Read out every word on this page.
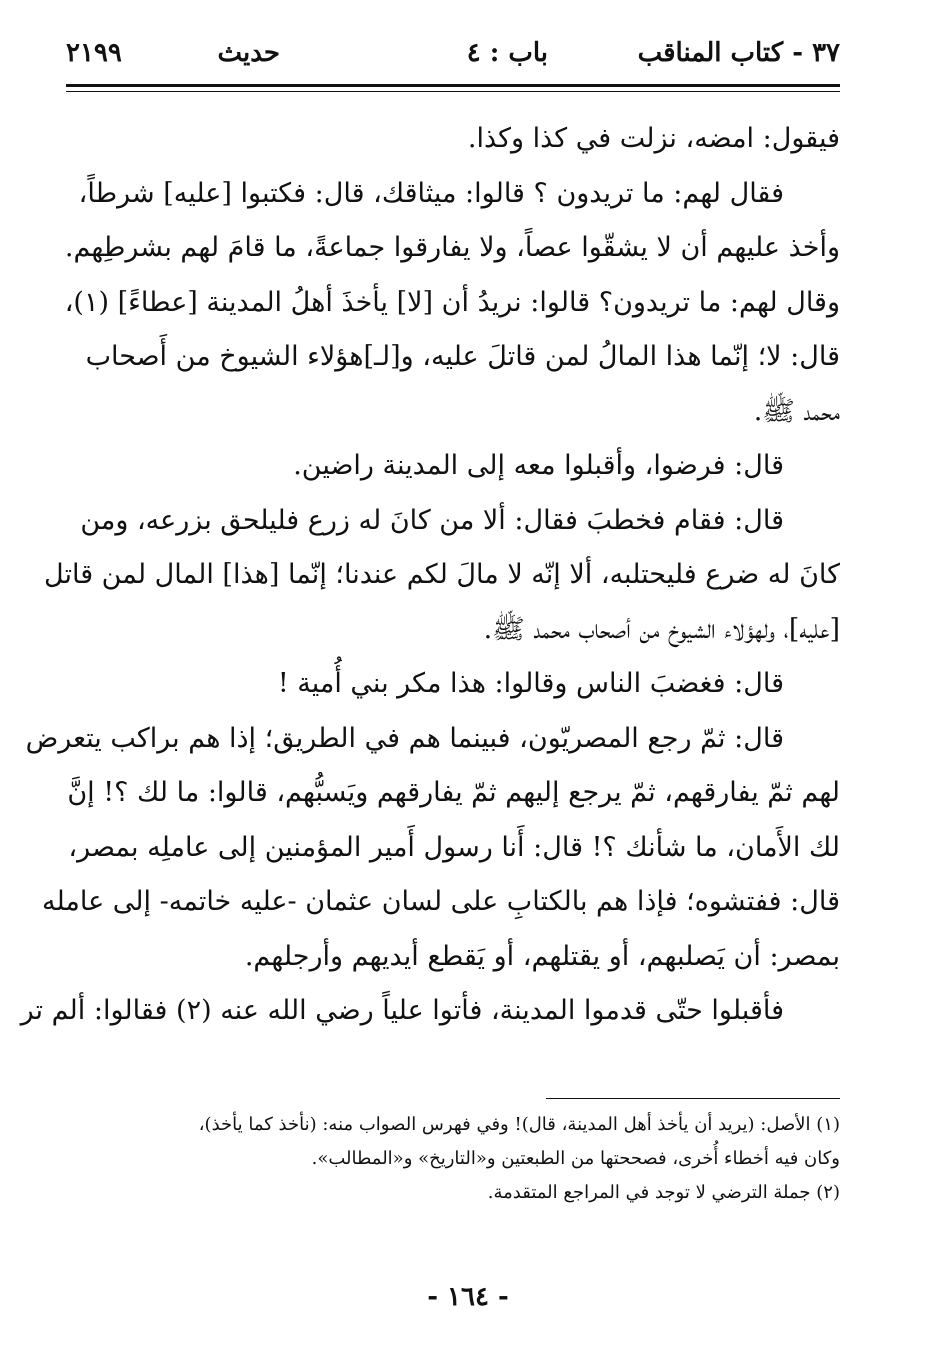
٣٧ - كتاب المناقب
باب : ٤
حديث
٢١٩٩

فيقول: امضه، نزلت في كذا وكذا.

فقال لهم: ما تريدون ؟ قالوا: ميثاقك، قال: فكتبوا [عليه] شرطاً،

وأخذ عليهم أن لا يشقّوا عصاً، ولا يفارقوا جماعةً، ما قامَ لهم بشرطِهم.

وقال لهم: ما تريدون؟ قالوا: نريدُ أن [لا] يأخذَ أهلُ المدينة [عطاءً] (١)،

قال: لا؛ إنّما هذا المالُ لمن قاتلَ عليه، و[لـ]هؤلاء الشيوخ من أَصحاب

محمد ﷺ.

قال: فرضوا، وأقبلوا معه إلى المدينة راضين.

قال: فقام فخطبَ فقال: ألا من كانَ له زرع فليلحق بزرعه، ومن

كانَ له ضرع فليحتلبه، ألا إنّه لا مالَ لكم عندنا؛ إنّما [هذا] المال لمن قاتل

[عليه]، ولهؤلاء الشيوخ من أصحاب محمد ﷺ.

قال: فغضبَ الناس وقالوا: هذا مكر بني أُمية !

قال: ثمّ رجع المصريّون، فبينما هم في الطريق؛ إذا هم براكب يتعرض

لهم ثمّ يفارقهم، ثمّ يرجع إليهم ثمّ يفارقهم ويَسبُّهم، قالوا: ما لك ؟! إنَّ

لك الأَمان، ما شأنك ؟! قال: أَنا رسول أَمير المؤمنين إلى عاملِه بمصر،

قال: ففتشوه؛ فإذا هم بالكتابِ على لسان عثمان -عليه خاتمه- إلى عامله

بمصر: أن يَصلبهم، أو يقتلهم، أو يَقطع أيديهم وأرجلهم.

فأقبلوا حتّى قدموا المدينة، فأتوا علياً رضي الله عنه (٢) فقالوا: ألم تر

(١) الأصل: (يريد أن يأخذ أهل المدينة، قال)! وفي فهرس الصواب منه: (نأخذ كما يأخذ)،

وكان فيه أخطاء أُخرى، فصححتها من الطبعتين و«التاريخ» و«المطالب».

(٢) جملة الترضي لا توجد في المراجع المتقدمة.

- ١٦٤ -
